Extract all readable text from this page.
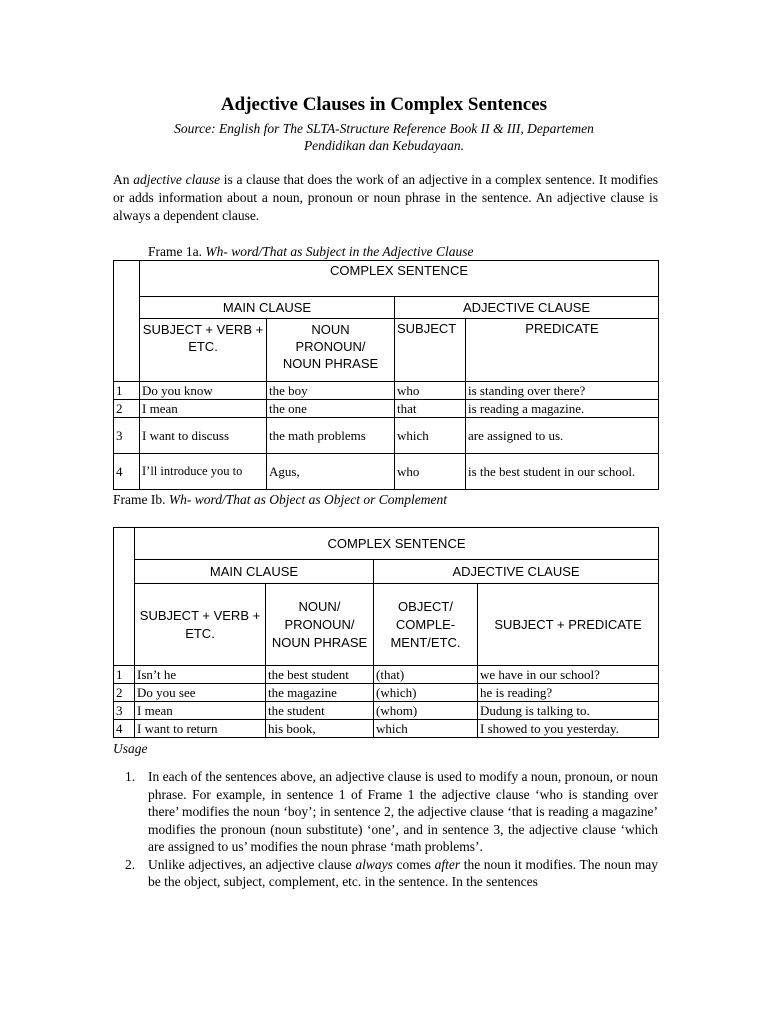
Adjective Clauses in Complex Sentences
Source: English for The SLTA-Structure Reference Book II & III, Departemen
Pendidikan dan Kebudayaan.
An adjective clause is a clause that does the work of an adjective in a complex sentence. It modifies or adds information about a noun, pronoun or noun phrase in the sentence. An adjective clause is always a dependent clause.
Frame 1a. Wh- word/That as Subject in the Adjective Clause
	COMPLEX SENTENCE			
	MAIN CLAUSE		ADJECTIVE CLAUSE	
	SUBJECT + VERB + ETC.	NOUN PRONOUN/ NOUN PHRASE	SUBJECT	PREDICATE
1	Do you know	the boy	who	is standing over there?
2	I mean	the one	that	is reading a magazine.
3	I want to discuss	the math problems	which	are assigned to us.
4	I’ll introduce you to	Agus,	who	is the best student in our school.
Frame Ib. Wh- word/That as Object as Object or Complement
	COMPLEX SENTENCE			
	MAIN CLAUSE		ADJECTIVE CLAUSE	
	SUBJECT + VERB + ETC.	NOUN/ PRONOUN/ NOUN PHRASE	OBJECT/ COMPLE-MENT/ETC.	SUBJECT + PREDICATE
1	Isn’t he	the best student	(that)	we have in our school?
2	Do you see	the magazine	(which)	he is reading?
3	I mean	the student	(whom)	Dudung is talking to.
4	I want to return	his book,	which	I showed to you yesterday.
Usage
1. In each of the sentences above, an adjective clause is used to modify a noun, pronoun, or noun phrase. For example, in sentence 1 of Frame 1 the adjective clause ‘who is standing over there’ modifies the noun ‘boy’; in sentence 2, the adjective clause ‘that is reading a magazine’ modifies the pronoun (noun substitute) ‘one’, and in sentence 3, the adjective clause ‘which are assigned to us’ modifies the noun phrase ‘math problems’.
2. Unlike adjectives, an adjective clause always comes after the noun it modifies. The noun may be the object, subject, complement, etc. in the sentence. In the sentences
